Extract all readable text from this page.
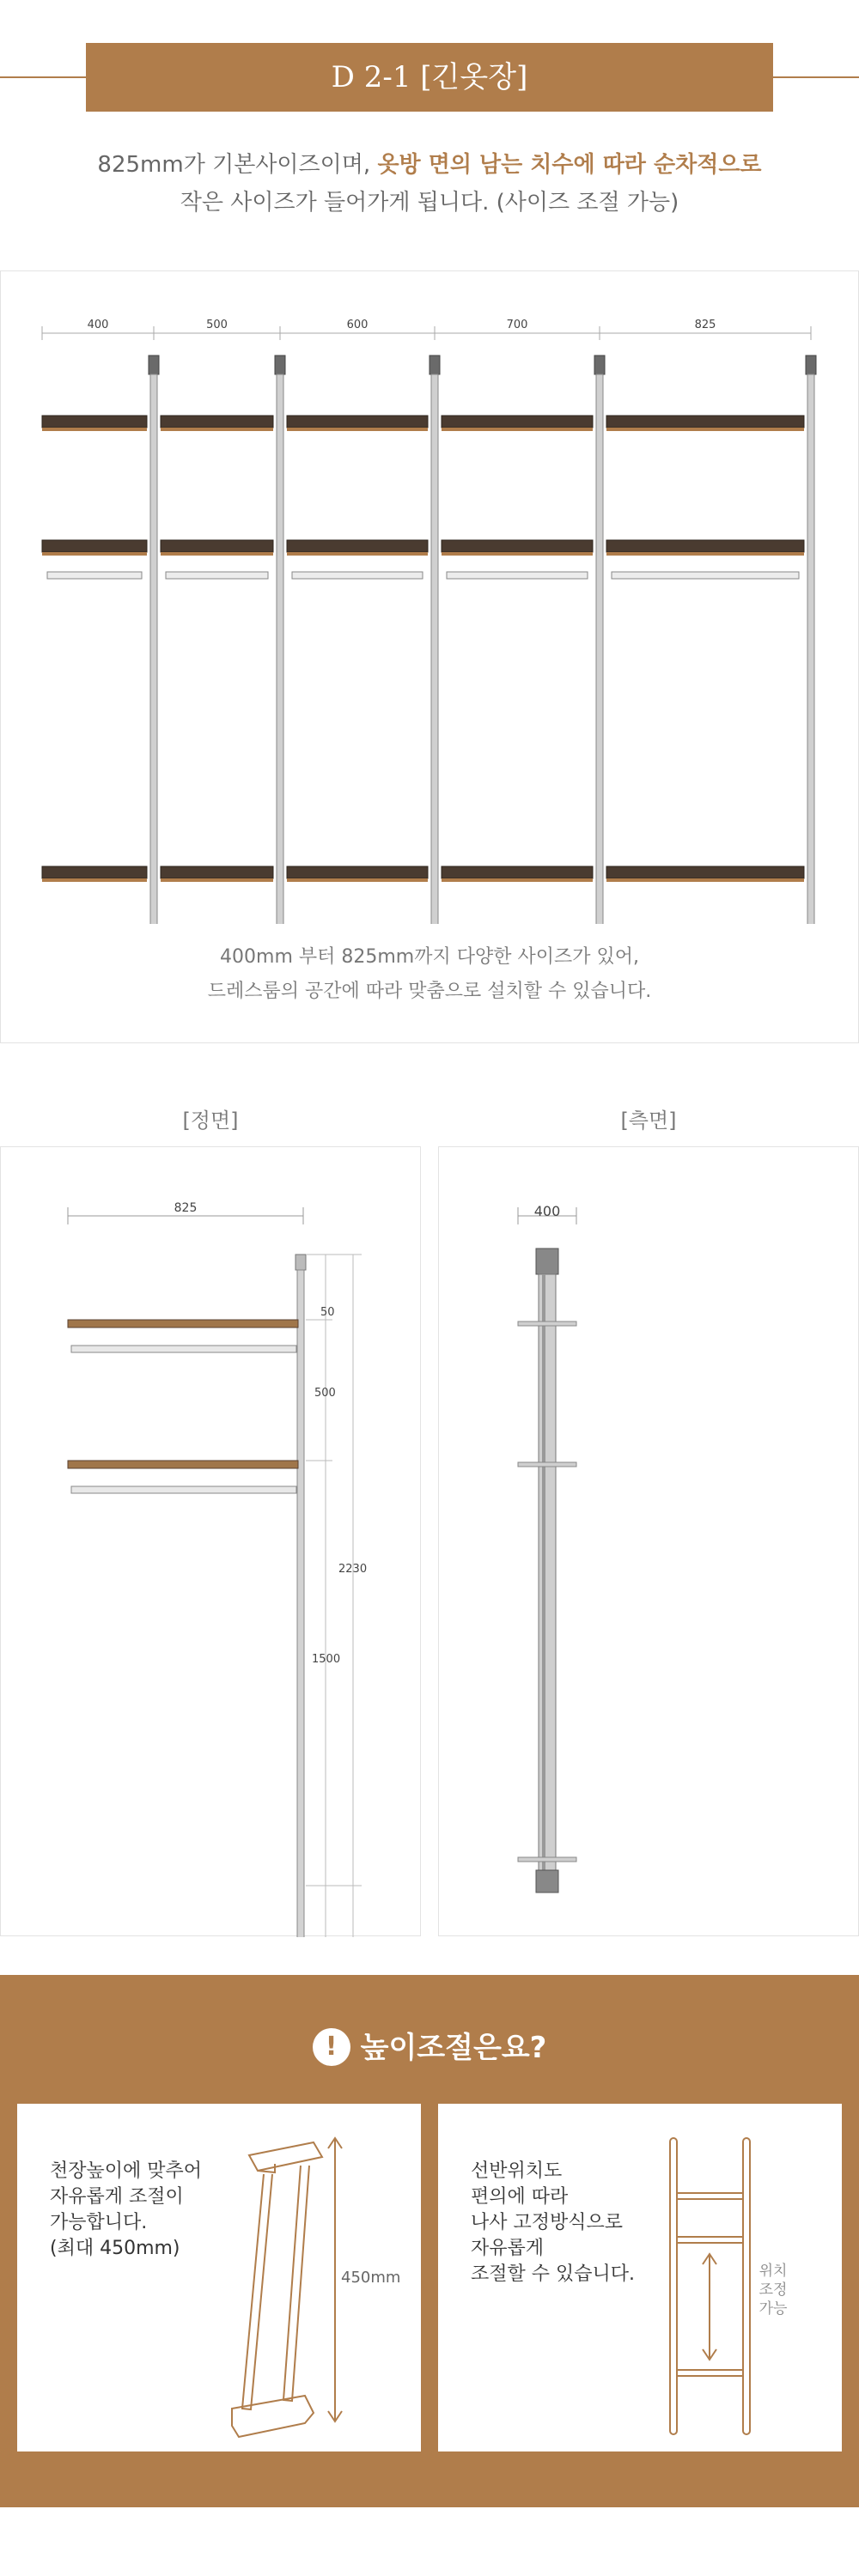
D 2-1 [긴옷장]
825mm가 기본사이즈이며, 옷방 면의 남는 치수에 따라 순차적으로
작은 사이즈가 들어가게 됩니다. (사이즈 조절 가능)
400	500	600	700	825
400mm 부터 825mm까지 다양한 사이즈가 있어,
드레스룸의 공간에 따라 맞춤으로 설치할 수 있습니다.
[정면]	[측면]
825
50
500
1500
2230
400
! 높이조절은요?
천장높이에 맞추어
자유롭게 조절이
가능합니다.
(최대 450mm)
450mm
선반위치도
편의에 따라
나사 고정방식으로
자유롭게
조절할 수 있습니다.	위치
조정
가능
